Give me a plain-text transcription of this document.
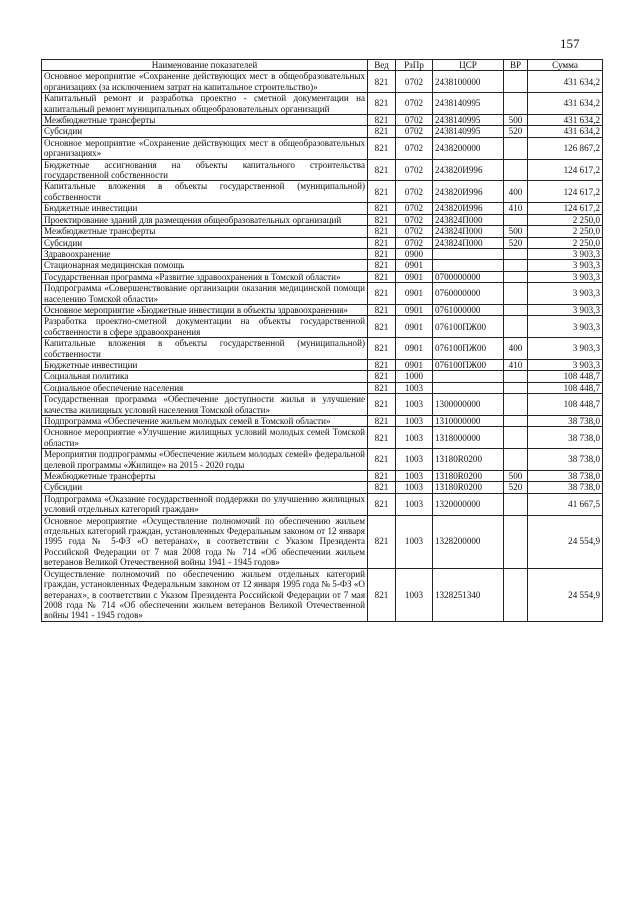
157
Наименование показателей	Вед	РзПр	ЦСР	ВР	Сумма
Основное мероприятие «Сохранение действующих мест в общеобразовательных организациях (за исключением затрат на капитальное строительство)»	821	0702	2438100000		431 634,2
Капитальный ремонт и разработка проектно - сметной документации на капитальный ремонт муниципальных общеобразовательных организаций	821	0702	2438140995		431 634,2
Межбюджетные трансферты	821	0702	2438140995	500	431 634,2
Субсидии	821	0702	2438140995	520	431 634,2
Основное мероприятие «Сохранение действующих мест в общеобразовательных организациях»	821	0702	2438200000		126 867,2
Бюджетные ассигнования на объекты капитального строительства государственной собственности	821	0702	243820И996		124 617,2
Капитальные вложения в объекты государственной (муниципальной) собственности	821	0702	243820И996	400	124 617,2
Бюджетные инвестиции	821	0702	243820И996	410	124 617,2
Проектирование зданий для размещения общеобразовательных организаций	821	0702	243824П000		2 250,0
Межбюджетные трансферты	821	0702	243824П000	500	2 250,0
Субсидии	821	0702	243824П000	520	2 250,0
Здравоохранение	821	0900			3 903,3
Стационарная медицинская помощь	821	0901			3 903,3
Государственная программа «Развитие здравоохранения в Томской области»	821	0901	0700000000		3 903,3
Подпрограмма «Совершенствование организации оказания медицинской помощи населению Томской области»	821	0901	0760000000		3 903,3
Основное мероприятие «Бюджетные инвестиции в объекты здравоохранения»	821	0901	0761000000		3 903,3
Разработка проектно-сметной документации на объекты государственной собственности в сфере здравоохранения	821	0901	076100ПЖ00		3 903,3
Капитальные вложения в объекты государственной (муниципальной) собственности	821	0901	076100ПЖ00	400	3 903,3
Бюджетные инвестиции	821	0901	076100ПЖ00	410	3 903,3
Социальная политика	821	1000			108 448,7
Социальное обеспечение населения	821	1003			108 448,7
Государственная программа «Обеспечение доступности жилья и улучшение качества жилищных условий населения Томской области»	821	1003	1300000000		108 448,7
Подпрограмма «Обеспечение жильем молодых семей в Томской области»	821	1003	1310000000		38 738,0
Основное мероприятие «Улучшение жилищных условий молодых семей Томской области»	821	1003	1318000000		38 738,0
Мероприятия подпрограммы «Обеспечение жильем молодых семей» федеральной целевой программы «Жилище» на 2015 - 2020 годы	821	1003	13180R0200		38 738,0
Межбюджетные трансферты	821	1003	13180R0200	500	38 738,0
Субсидии	821	1003	13180R0200	520	38 738,0
Подпрограмма «Оказание государственной поддержки по улучшению жилищных условий отдельных категорий граждан»	821	1003	1320000000		41 667,5
Основное мероприятие «Осуществление полномочий по обеспечению жильем отдельных категорий граждан, установленных Федеральным законом от 12 января 1995 года № 5-ФЗ «О ветеранах», в соответствии с Указом Президента Российской Федерации от 7 мая 2008 года № 714 «Об обеспечении жильем ветеранов Великой Отечественной войны 1941 - 1945 годов»	821	1003	1328200000		24 554,9
Осуществление полномочий по обеспечению жильем отдельных категорий граждан, установленных Федеральным законом от 12 января 1995 года № 5-ФЗ «О ветеранах», в соответствии с Указом Президента Российской Федерации от 7 мая 2008 года № 714 «Об обеспечении жильем ветеранов Великой Отечественной войны 1941 - 1945 годов»	821	1003	1328251340		24 554,9
